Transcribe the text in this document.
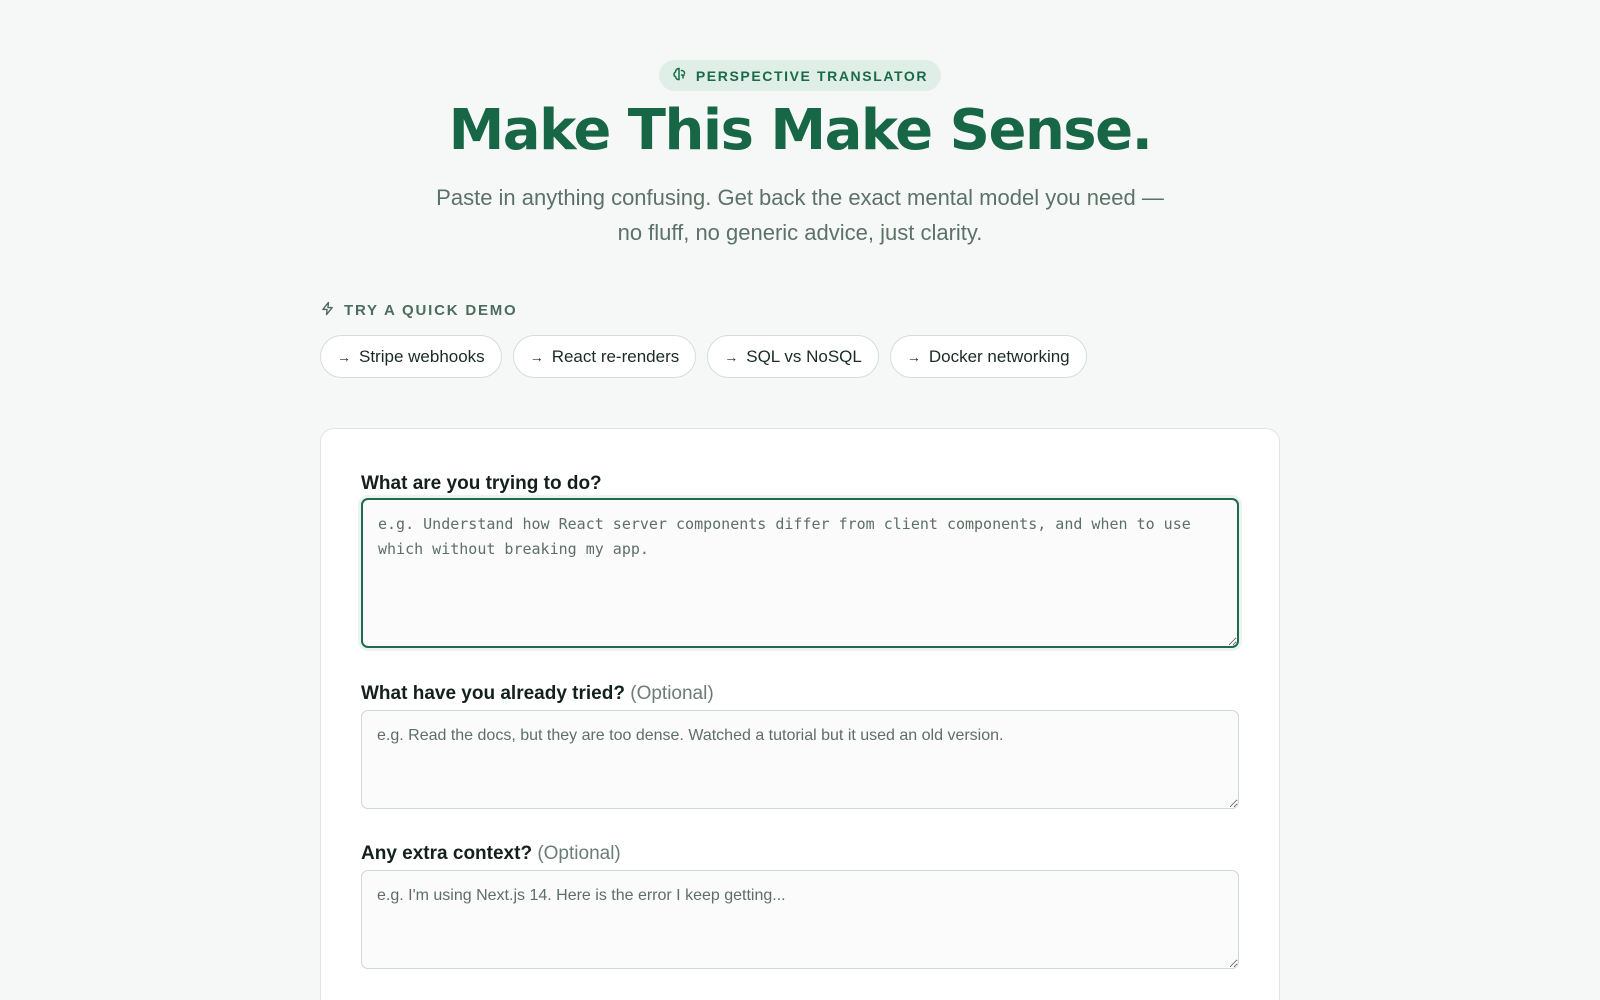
PERSPECTIVE TRANSLATOR
Make This Make Sense.

Paste in anything confusing. Get back the exact mental model you need — no fluff, no generic advice, just clarity.

TRY A QUICK DEMO
→ Stripe webhooks	→ React re-renders	→ SQL vs NoSQL	→ Docker networking
What are you trying to do?
e.g. Understand how React server components differ from client components, and when to use which without breaking my app.
What have you already tried? (Optional)
e.g. Read the docs, but they are too dense. Watched a tutorial but it used an old version.
Any extra context? (Optional)
e.g. I'm using Next.js 14. Here is the error I keep getting...
